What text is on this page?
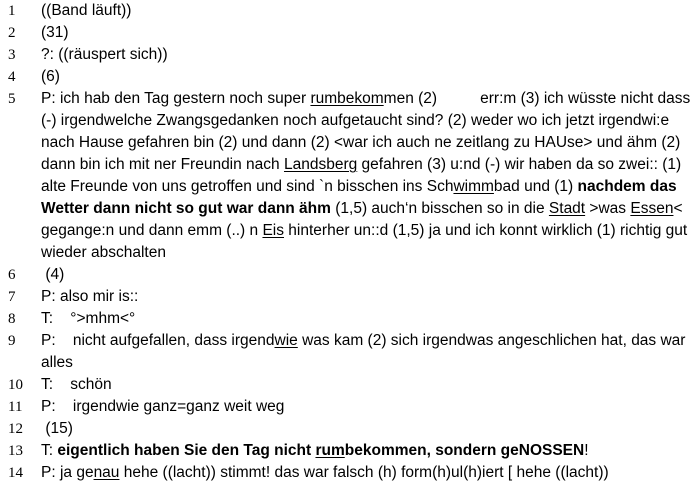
1	((Band läuft))
2	(31)
3	?: ((räuspert sich))
4	(6)
5	P: ich hab den Tag gestern noch super rumbekommen (2)          err:m (3) ich wüsste nicht dass (-) irgendwelche Zwangsgedanken noch aufgetaucht sind? (2) weder wo ich jetzt irgendwi:e nach Hause gefahren bin (2) und dann (2) <war ich auch ne zeitlang zu HAUse> und ähm (2) dann bin ich mit ner Freundin nach Landsberg gefahren (3) u:nd (-) wir haben da so zwei:: (1) alte Freunde von uns getroffen und sind `n bisschen ins Schwimmbad und (1) nachdem das Wetter dann nicht so gut war dann ähm (1,5) auch‘n bisschen so in die Stadt >was Essen< gegange:n und dann emm (..) n Eis hinterher un::d (1,5) ja und ich konnt wirklich (1) richtig gut wieder abschalten
6	(4)
7	P: also mir is::
8	T:    °>mhm<°
9	P:    nicht aufgefallen, dass irgendwie was kam (2) sich irgendwas angeschlichen hat, das war alles
10	T:    schön
11	P:    irgendwie ganz=ganz weit weg
12	(15)
13	T: eigentlich haben Sie den Tag nicht rumbekommen, sondern geNOSSEN!
14	P: ja genau hehe ((lacht)) stimmt! das war falsch (h) form(h)ul(h)iert [ hehe ((lacht))
